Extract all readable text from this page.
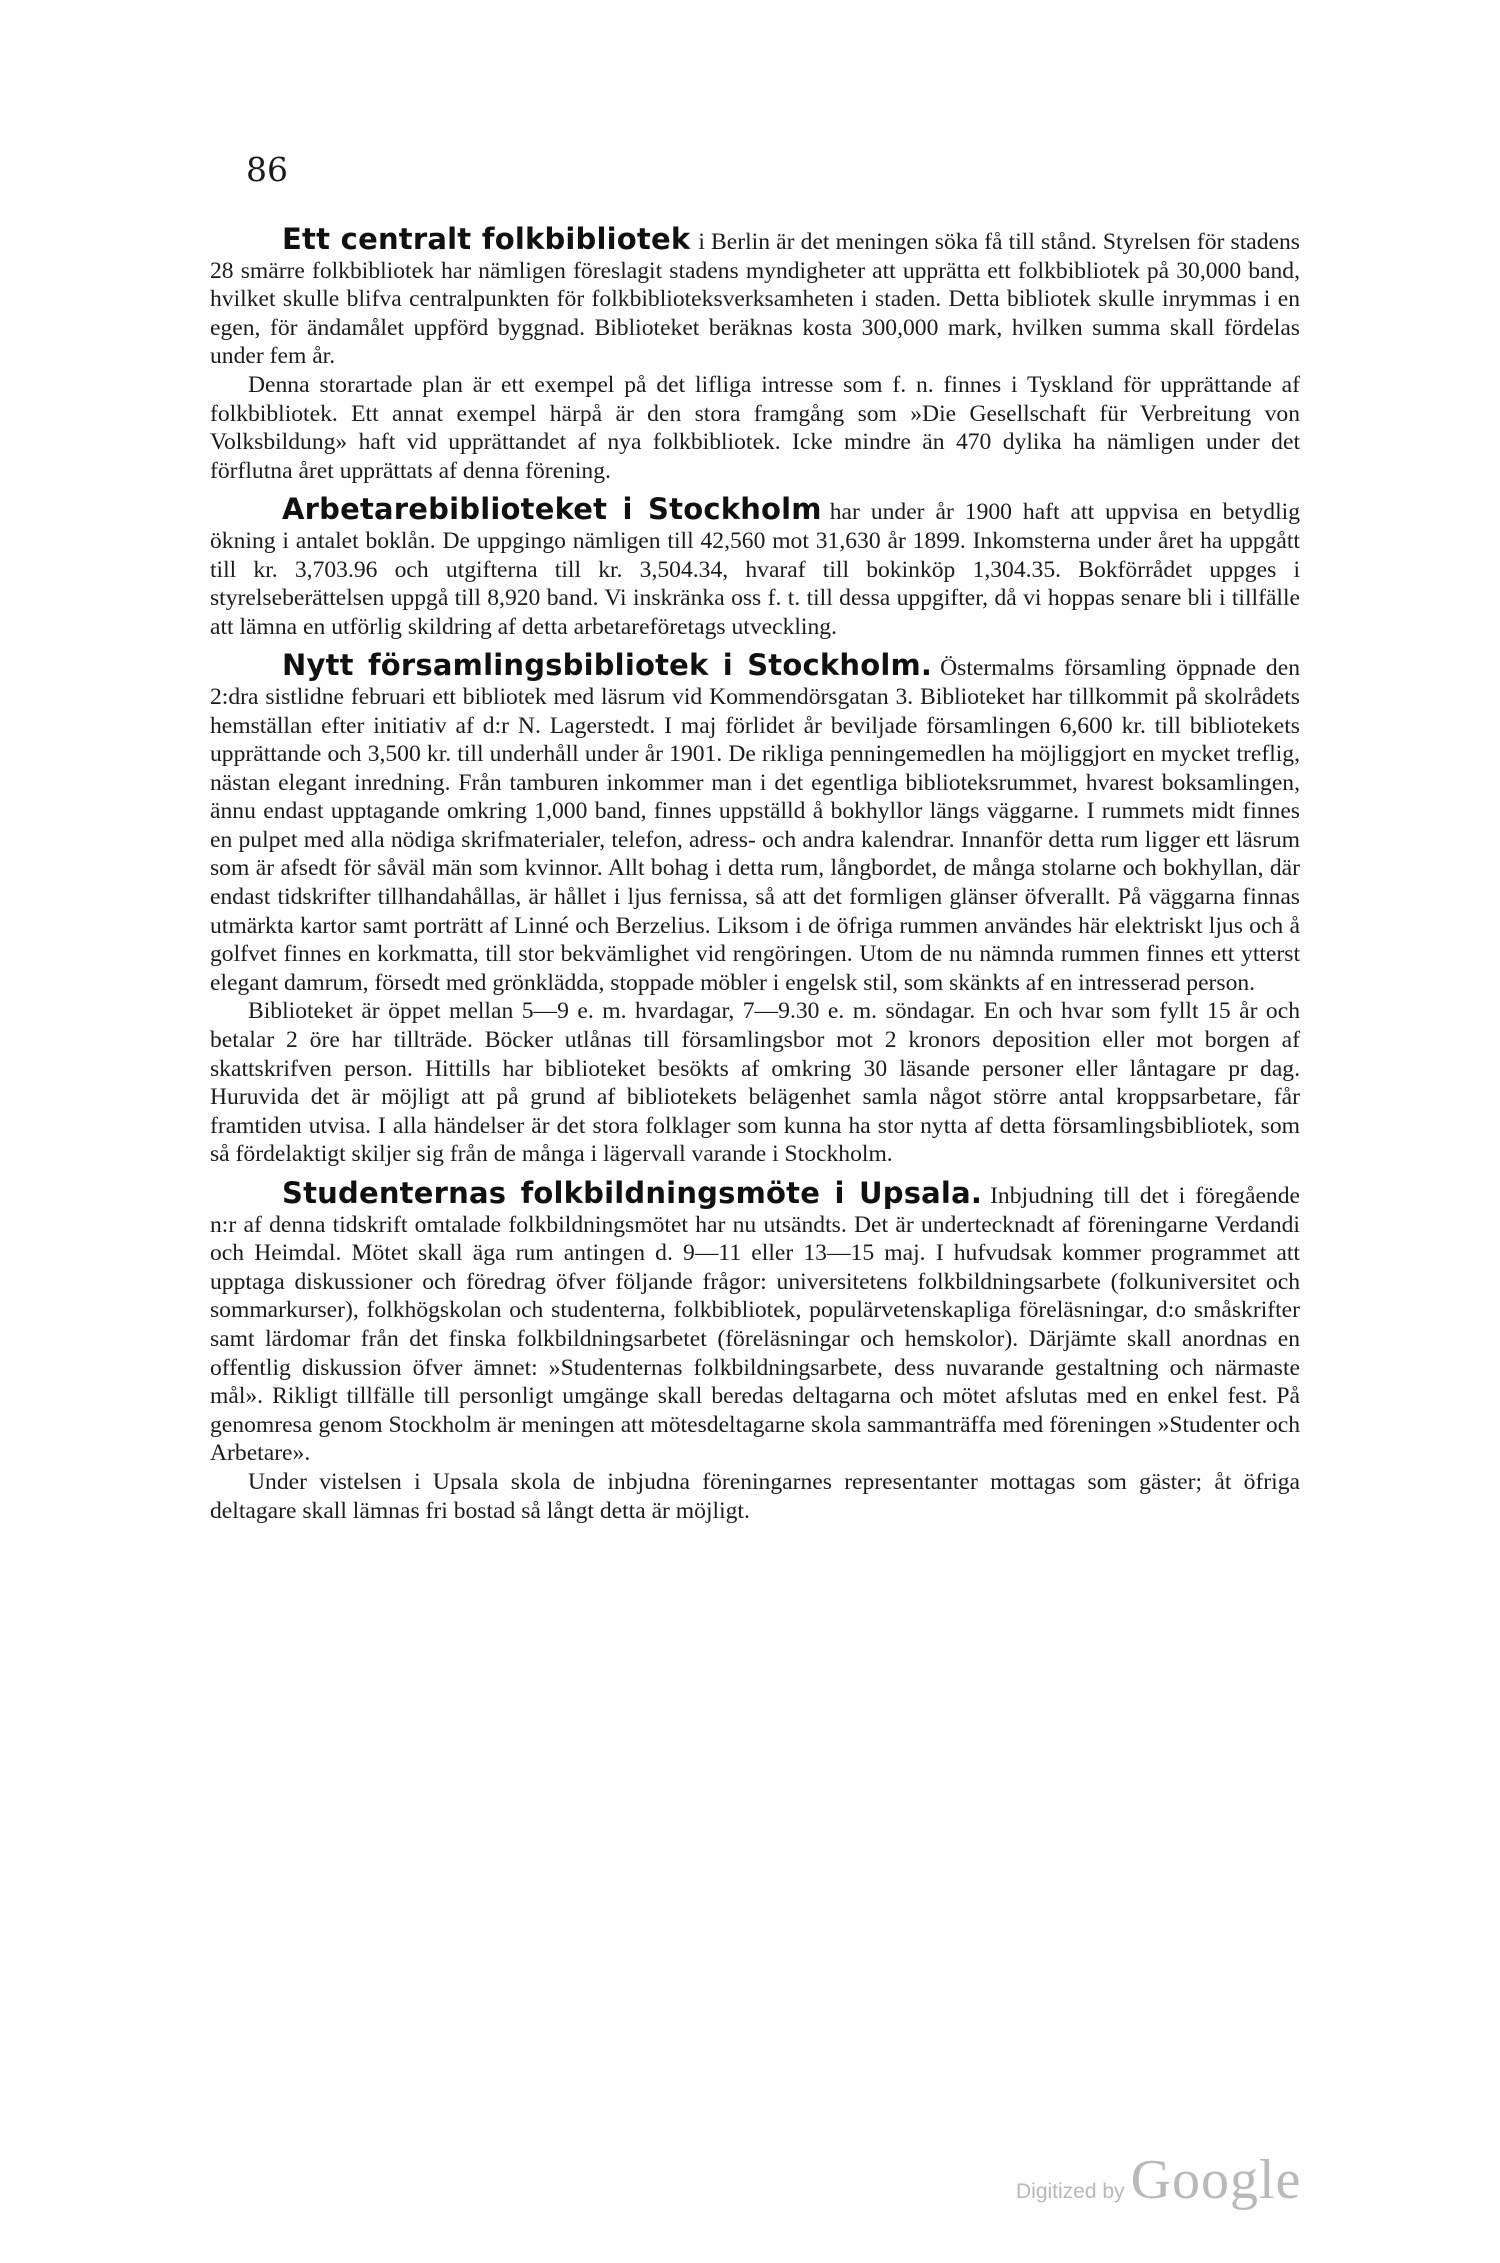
86

Ett centralt folkbibliotek i Berlin är det meningen söka få till stånd. Styrelsen för stadens 28 smärre folkbibliotek har nämligen föreslagit stadens myndigheter att upprätta ett folkbibliotek på 30,000 band, hvilket skulle blifva centralpunkten för folkbiblioteksverksamheten i staden. Detta bibliotek skulle inrymmas i en egen, för ändamålet uppförd byggnad. Biblioteket beräknas kosta 300,000 mark, hvilken summa skall fördelas under fem år.

Denna storartade plan är ett exempel på det lifliga intresse som f. n. finnes i Tyskland för upprättande af folkbibliotek. Ett annat exempel härpå är den stora framgång som »Die Gesellschaft für Verbreitung von Volksbildung» haft vid upprättandet af nya folkbibliotek. Icke mindre än 470 dylika ha nämligen under det förflutna året upprättats af denna förening.

Arbetarebiblioteket i Stockholm har under år 1900 haft att uppvisa en betydlig ökning i antalet boklån. De uppgingo nämligen till 42,560 mot 31,630 år 1899. Inkomsterna under året ha uppgått till kr. 3,703.96 och utgifterna till kr. 3,504.34, hvaraf till bokinköp 1,304.35. Bokförrådet uppges i styrelseberättelsen uppgå till 8,920 band. Vi inskränka oss f. t. till dessa uppgifter, då vi hoppas senare bli i tillfälle att lämna en utförlig skildring af detta arbetareföretags utveckling.

Nytt församlingsbibliotek i Stockholm. Östermalms församling öppnade den 2:dra sistlidne februari ett bibliotek med läsrum vid Kommendörsgatan 3. Biblioteket har tillkommit på skolrådets hemställan efter initiativ af d:r N. Lagerstedt. I maj förlidet år beviljade församlingen 6,600 kr. till bibliotekets upprättande och 3,500 kr. till underhåll under år 1901. De rikliga penningemedlen ha möjliggjort en mycket treflig, nästan elegant inredning. Från tamburen inkommer man i det egentliga biblioteksrummet, hvarest boksamlingen, ännu endast upptagande omkring 1,000 band, finnes uppställd å bokhyllor längs väggarne. I rummets midt finnes en pulpet med alla nödiga skrifmaterialer, telefon, adress- och andra kalendrar. Innanför detta rum ligger ett läsrum som är afsedt för såväl män som kvinnor. Allt bohag i detta rum, långbordet, de många stolarne och bokhyllan, där endast tidskrifter tillhandahållas, är hållet i ljus fernissa, så att det formligen glänser öfverallt. På väggarna finnas utmärkta kartor samt porträtt af Linné och Berzelius. Liksom i de öfriga rummen användes här elektriskt ljus och å golfvet finnes en korkmatta, till stor bekvämlighet vid rengöringen. Utom de nu nämnda rummen finnes ett ytterst elegant damrum, försedt med grönklädda, stoppade möbler i engelsk stil, som skänkts af en intresserad person.

Biblioteket är öppet mellan 5—9 e. m. hvardagar, 7—9.30 e. m. söndagar. En och hvar som fyllt 15 år och betalar 2 öre har tillträde. Böcker utlånas till församlingsbor mot 2 kronors deposition eller mot borgen af skattskrifven person. Hittills har biblioteket besökts af omkring 30 läsande personer eller låntagare pr dag. Huruvida det är möjligt att på grund af bibliotekets belägenhet samla något större antal kroppsarbetare, får framtiden utvisa. I alla händelser är det stora folklager som kunna ha stor nytta af detta församlingsbibliotek, som så fördelaktigt skiljer sig från de många i lägervall varande i Stockholm.

Studenternas folkbildningsmöte i Upsala. Inbjudning till det i föregående n:r af denna tidskrift omtalade folkbildningsmötet har nu utsändts. Det är undertecknadt af föreningarne Verdandi och Heimdal. Mötet skall äga rum antingen d. 9—11 eller 13—15 maj. I hufvudsak kommer programmet att upptaga diskussioner och föredrag öfver följande frågor: universitetens folkbildningsarbete (folkuniversitet och sommarkurser), folkhögskolan och studenterna, folkbibliotek, populärvetenskapliga föreläsningar, d:o småskrifter samt lärdomar från det finska folkbildningsarbetet (föreläsningar och hemskolor). Därjämte skall anordnas en offentlig diskussion öfver ämnet: »Studenternas folkbildningsarbete, dess nuvarande gestaltning och närmaste mål». Rikligt tillfälle till personligt umgänge skall beredas deltagarna och mötet afslutas med en enkel fest. På genomresa genom Stockholm är meningen att mötesdeltagarne skola sammanträffa med föreningen »Studenter och Arbetare».

Under vistelsen i Upsala skola de inbjudna föreningarnes representanter mottagas som gäster; åt öfriga deltagare skall lämnas fri bostad så långt detta är möjligt.

Digitized by Google
